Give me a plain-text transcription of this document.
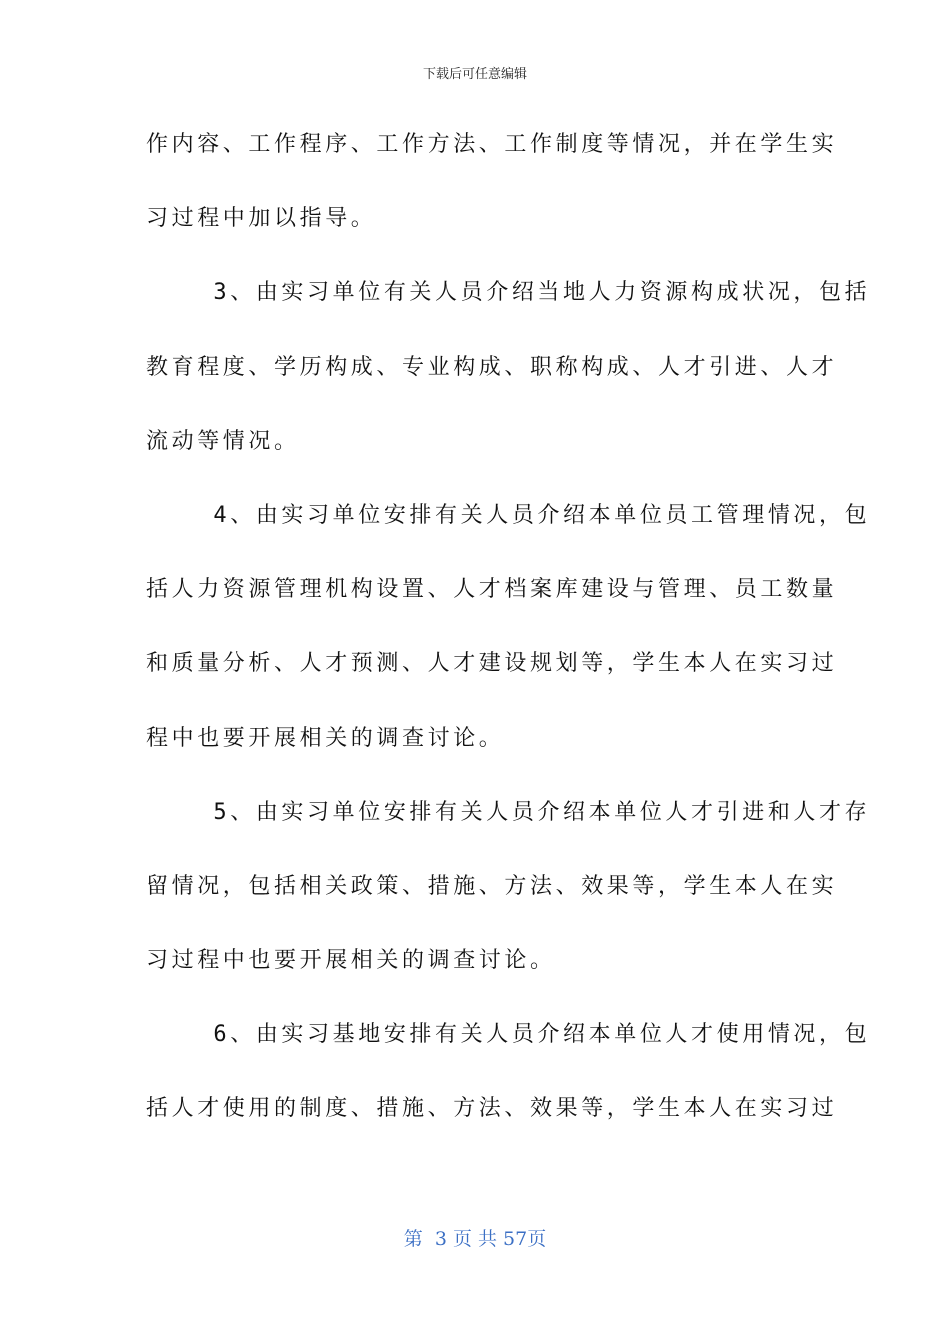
下载后可任意编辑
作内容、工作程序、工作方法、工作制度等情况，并在学生实
习过程中加以指导。
3、由实习单位有关人员介绍当地人力资源构成状况，包括
教育程度、学历构成、专业构成、职称构成、人才引进、人才
流动等情况。
4、由实习单位安排有关人员介绍本单位员工管理情况，包
括人力资源管理机构设置、人才档案库建设与管理、员工数量
和质量分析、人才预测、人才建设规划等，学生本人在实习过
程中也要开展相关的调查讨论。
5、由实习单位安排有关人员介绍本单位人才引进和人才存
留情况，包括相关政策、措施、方法、效果等，学生本人在实
习过程中也要开展相关的调查讨论。
6、由实习基地安排有关人员介绍本单位人才使用情况，包
括人才使用的制度、措施、方法、效果等，学生本人在实习过
第  3 页 共 57页
